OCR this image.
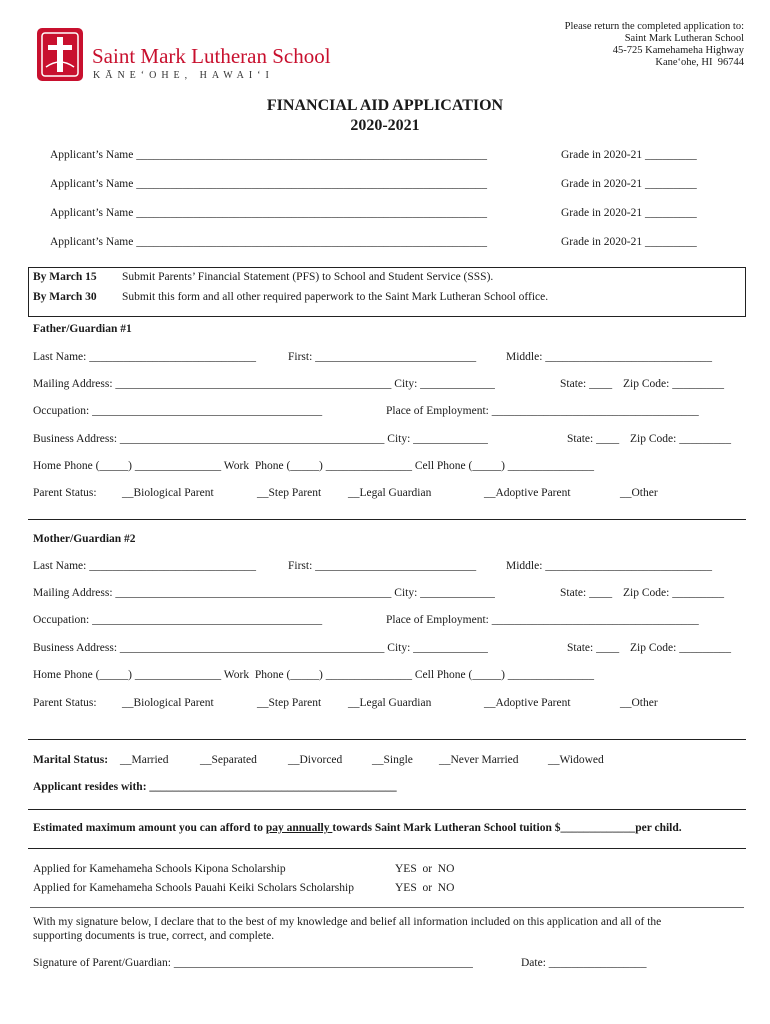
Saint Mark Lutheran School
KĀNE‘OHE, HAWAI‘I
Please return the completed application to:
Saint Mark Lutheran School
45-725 Kamehameha Highway
Kane‘ohe, HI  96744
FINANCIAL AID APPLICATION
2020-2021
Applicant’s Name _____________________________________________________________	Grade in 2020-21 _________
Applicant’s Name _____________________________________________________________	Grade in 2020-21 _________
Applicant’s Name _____________________________________________________________	Grade in 2020-21 _________
Applicant’s Name _____________________________________________________________	Grade in 2020-21 _________
By March 15 Submit Parents’ Financial Statement (PFS) to School and Student Service (SSS).
By March 30 Submit this form and all other required paperwork to the Saint Mark Lutheran School office.
Father/Guardian #1
Last Name: _____________________________	First: ____________________________	Middle: _____________________________
Mailing Address: ________________________________________________ City: _____________	State: ____ Zip Code: _________
Occupation: ________________________________________	Place of Employment: ____________________________________
Business Address: ______________________________________________ City: _____________	State: ____ Zip Code: _________
Home Phone (_____) _______________ Work  Phone (_____) _______________ Cell Phone (_____) _______________
Parent Status: __Biological Parent	__Step Parent __Legal Guardian	__Adoptive Parent	__Other
Mother/Guardian #2
Last Name: _____________________________	First: ____________________________	Middle: _____________________________
Mailing Address: ________________________________________________ City: _____________	State: ____ Zip Code: _________
Occupation: ________________________________________	Place of Employment: ____________________________________
Business Address: ______________________________________________ City: _____________	State: ____ Zip Code: _________
Home Phone (_____) _______________ Work  Phone (_____) _______________ Cell Phone (_____) _______________
Parent Status: __Biological Parent	__Step Parent __Legal Guardian	__Adoptive Parent	__Other
Marital Status: __Married	__Separated	__Divorced	__Single __Never Married	__Widowed
Applicant resides with: ___________________________________________
Estimated maximum amount you can afford to pay annually towards Saint Mark Lutheran School tuition $_____________per child.
Applied for Kamehameha Schools Kipona Scholarship	YES  or  NO
Applied for Kamehameha Schools Pauahi Keiki Scholars Scholarship	YES  or  NO
With my signature below, I declare that to the best of my knowledge and belief all information included on this application and all of the
supporting documents is true, correct, and complete.
Signature of Parent/Guardian: ____________________________________________________	Date: _________________
